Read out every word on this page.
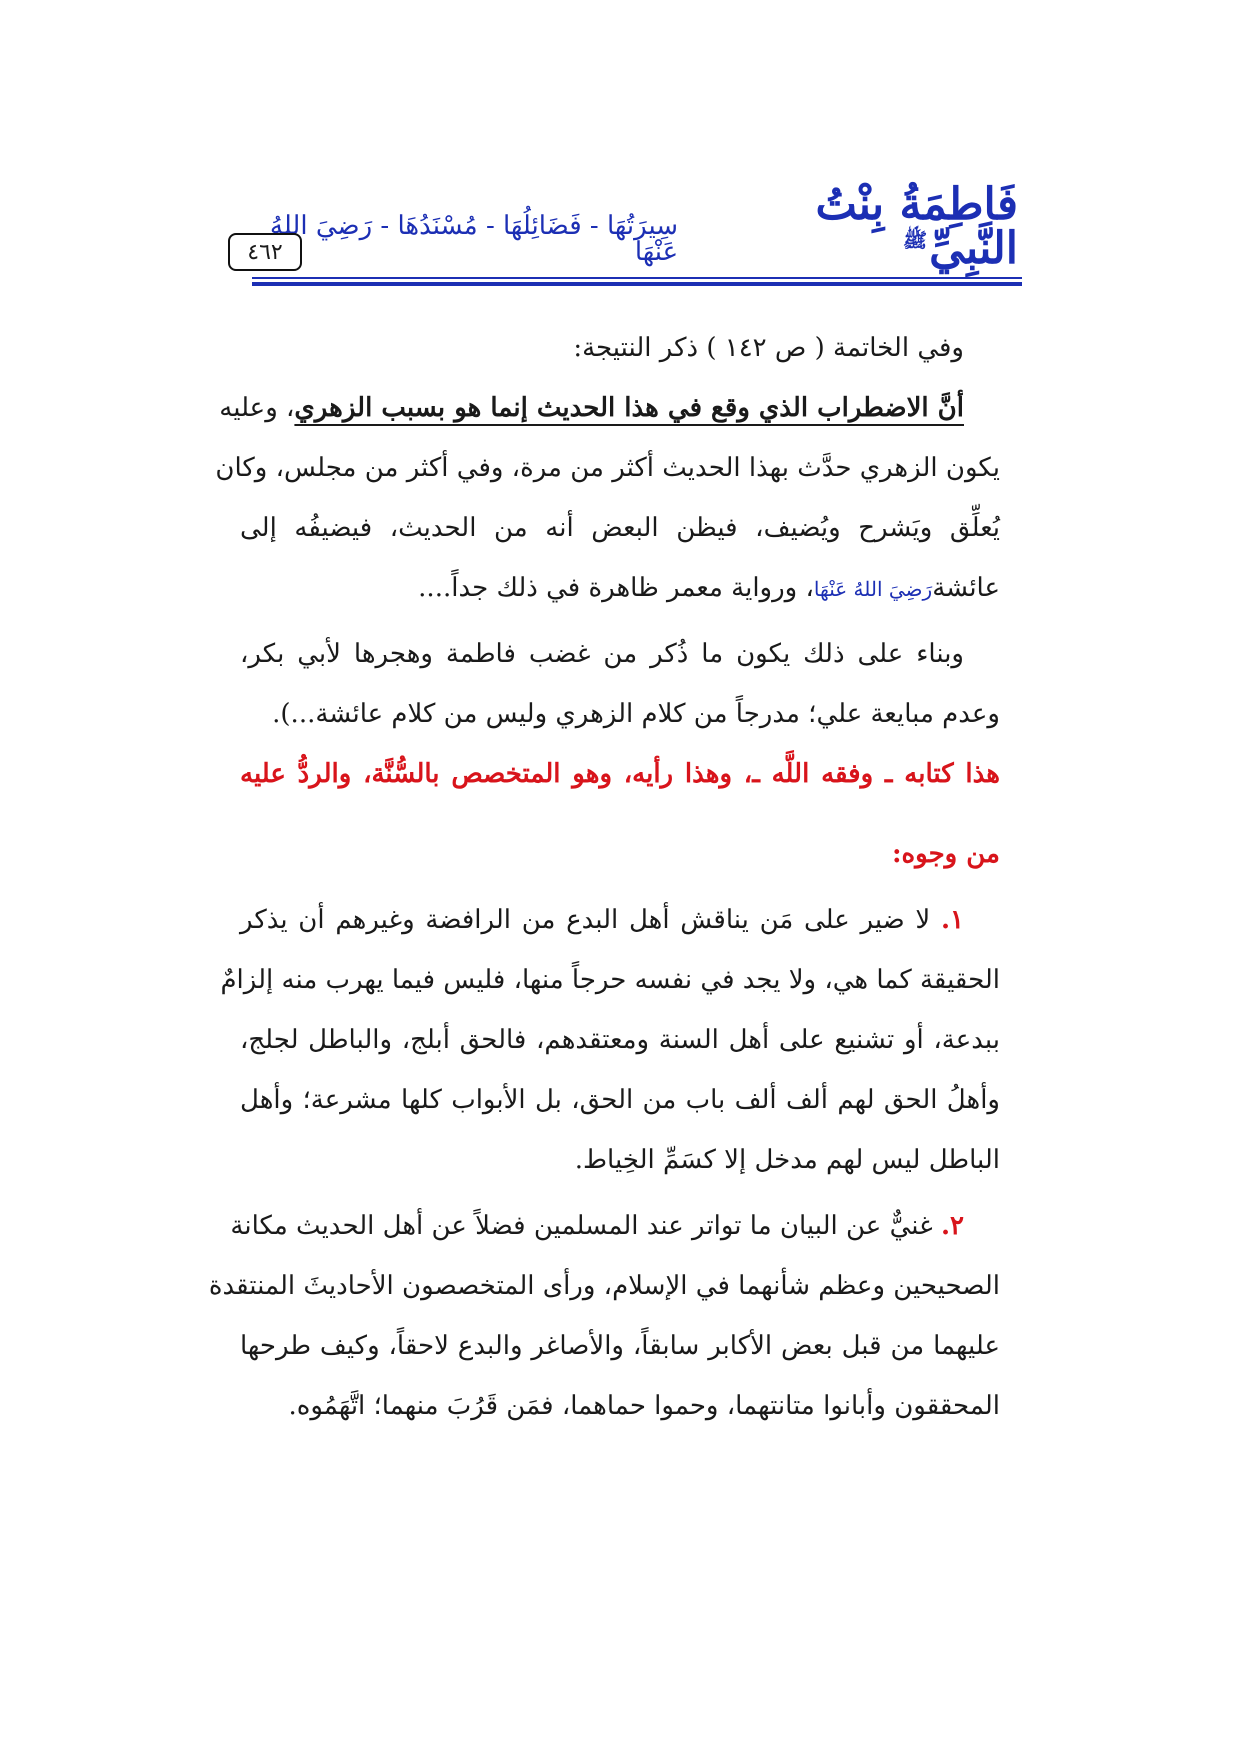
فَاطِمَةُ بِنْتُ النَّبِيِّ$^ﷺ$
سِيرَتُهَا - فَضَائِلُهَا - مُسْنَدُهَا - رَضِيَ اللهُ عَنْهَا
٤٦٢
وفي الخاتمة ( ص ١٤٢ ) ذكر النتيجة:
أنَّ الاضطراب الذي وقع في هذا الحديث إنما هو بسبب الزهري، وعليه
يكون الزهري حدَّث بهذا الحديث أكثر من مرة، وفي أكثر من مجلس، وكان
يُعلِّق ويَشرح ويُضيف، فيظن البعض أنه من الحديث، فيضيفُه إلى
عائشةرَضِيَ اللهُ عَنْهَا، ورواية معمر ظاهرة في ذلك جداً....
وبناء على ذلك يكون ما ذُكر من غضب فاطمة وهجرها لأبي بكر،
وعدم مبايعة علي؛ مدرجاً من كلام الزهري وليس من كلام عائشة...).
هذا كتابه ـ وفقه اللَّه ـ، وهذا رأيه، وهو المتخصص بالسُّنَّة، والردُّ عليه
من وجوه:
١. لا ضير على مَن يناقش أهل البدع من الرافضة وغيرهم أن يذكر
الحقيقة كما هي، ولا يجد في نفسه حرجاً منها، فليس فيما يهرب منه إلزامٌ
ببدعة، أو تشنيع على أهل السنة ومعتقدهم، فالحق أبلج، والباطل لجلج،
وأهلُ الحق لهم ألف ألف باب من الحق، بل الأبواب كلها مشرعة؛ وأهل
الباطل ليس لهم مدخل إلا كسَمِّ الخِياط.
٢. غنيٌّ عن البيان ما تواتر عند المسلمين فضلاً عن أهل الحديث مكانة
الصحيحين وعظم شأنهما في الإسلام، ورأى المتخصصون الأحاديثَ المنتقدة
عليهما من قبل بعض الأكابر سابقاً، والأصاغر والبدع لاحقاً، وكيف طرحها
المحققون وأبانوا متانتهما، وحموا حماهما، فمَن قَرُبَ منهما؛ اتَّهَمُوه.
